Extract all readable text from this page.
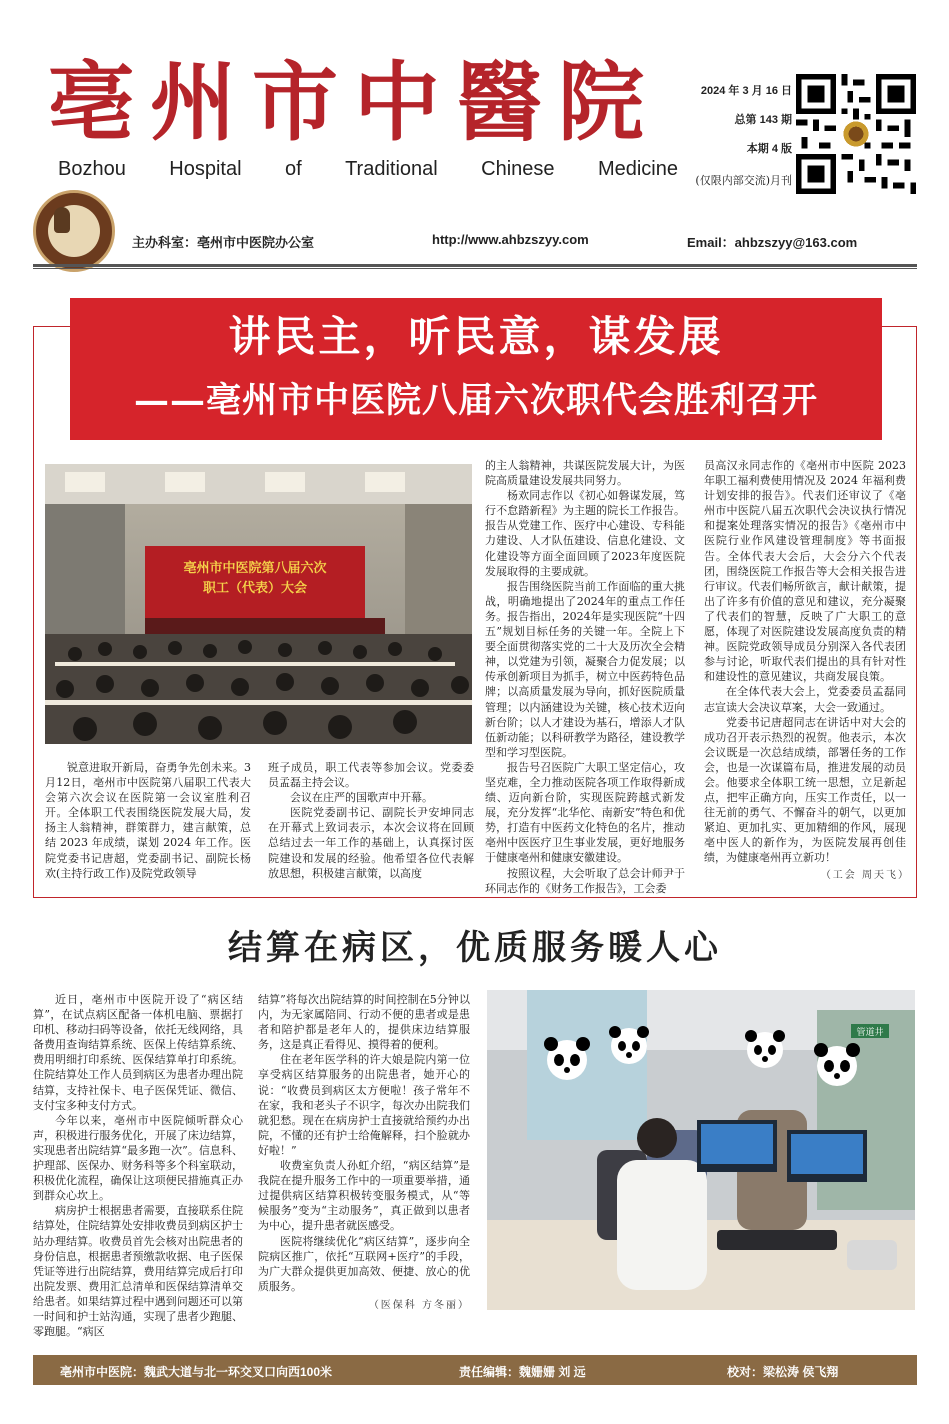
亳州市中醫院
Bozhou Hospital of Traditional Chinese Medicine
2024 年 3 月 16 日
总第 143 期
本期 4 版
(仅限内部交流)月刊
主办科室：亳州市中医院办公室	http://www.ahbzszyy.com	Email：ahbzszyy@163.com
讲民主，听民意，谋发展
——亳州市中医院八届六次职代会胜利召开
亳州市中医院第八届六次
职工（代表）大会

锐意进取开新局，奋勇争先创未来。3月12日，亳州市中医院第八届职工代表大会第六次会议在医院第一会议室胜利召开。全体职工代表围绕医院发展大局，发扬主人翁精神，群策群力，建言献策，总结 2023 年成绩，谋划 2024 年工作。医院党委书记唐超，党委副书记、副院长杨欢(主持行政工作)及院党政领导

班子成员，职工代表等参加会议。党委委员孟磊主持会议。

会议在庄严的国歌声中开幕。

医院党委副书记、副院长尹安坤同志在开幕式上致词表示，本次会议将在回顾总结过去一年工作的基础上，认真探讨医院建设和发展的经验。他希望各位代表解放思想，积极建言献策，以高度

的主人翁精神，共谋医院发展大计，为医院高质量建设发展共同努力。

杨欢同志作以《初心如磐谋发展，笃行不怠踏新程》为主题的院长工作报告。报告从党建工作、医疗中心建设、专科能力建设、人才队伍建设、信息化建设、文化建设等方面全面回顾了2023年度医院发展取得的主要成就。

报告围绕医院当前工作面临的重大挑战，明确地提出了2024年的重点工作任务。报告指出，2024年是实现医院“十四五”规划目标任务的关键一年。全院上下要全面贯彻落实党的二十大及历次全会精神，以党建为引领，凝聚合力促发展；以传承创新项目为抓手，树立中医药特色品牌；以高质量发展为导向，抓好医院质量管理；以内涵建设为关键，核心技术迈向新台阶；以人才建设为基石，增添人才队伍新动能；以科研教学为路径，建设教学型和学习型医院。

报告号召医院广大职工坚定信心，攻坚克难，全力推动医院各项工作取得新成绩、迈向新台阶，实现医院跨越式新发展，充分发挥“北华佗、南新安”特色和优势，打造有中医药文化特色的名片，推动亳州中医医疗卫生事业发展，更好地服务于健康亳州和健康安徽建设。

按照议程，大会听取了总会计师尹于环同志作的《财务工作报告》，工会委

员高汉永同志作的《亳州市中医院 2023 年职工福利费使用情况及 2024 年福利费计划安排的报告》。代表们还审议了《亳州市中医院八届五次职代会决议执行情况和提案处理落实情况的报告》《亳州市中医院行业作风建设管理制度》等书面报告。全体代表大会后，大会分六个代表团，围绕医院工作报告等大会相关报告进行审议。代表们畅所欲言，献计献策，提出了许多有价值的意见和建议，充分凝聚了代表们的智慧，反映了广大职工的意愿，体现了对医院建设发展高度负责的精神。医院党政领导成员分别深入各代表团参与讨论，听取代表们提出的具有针对性和建设性的意见建议，共商发展良策。

在全体代表大会上，党委委员孟磊同志宣读大会决议草案，大会一致通过。

党委书记唐超同志在讲话中对大会的成功召开表示热烈的祝贺。他表示，本次会议既是一次总结成绩，部署任务的工作会，也是一次谋篇布局，推进发展的动员会。他要求全体职工统一思想，立足新起点，把牢正确方向，压实工作责任，以一往无前的勇气、不懈奋斗的朝气，以更加紧迫、更加扎实、更加精细的作风，展现亳中医人的新作为，为医院发展再创佳绩，为健康亳州再立新功！

（工会 周天飞）
结算在病区，优质服务暖人心

近日，亳州市中医院开设了“病区结算”，在试点病区配备一体机电脑、票据打印机、移动扫码等设备，依托无线网络，具备费用查询结算系统、医保上传结算系统、费用明细打印系统、医保结算单打印系统。住院结算处工作人员到病区为患者办理出院结算，支持社保卡、电子医保凭证、微信、支付宝多种支付方式。

今年以来，亳州市中医院倾听群众心声，积极进行服务优化，开展了床边结算，实现患者出院结算“最多跑一次”。信息科、护理部、医保办、财务科等多个科室联动，积极优化流程，确保让这项便民措施真正办到群众心坎上。

病房护士根据患者需要，直接联系住院结算处，住院结算处安排收费员到病区护士站办理结算。收费员首先会核对出院患者的身份信息，根据患者预缴款收据、电子医保凭证等进行出院结算，费用结算完成后打印出院发票、费用汇总清单和医保结算清单交给患者。如果结算过程中遇到问题还可以第一时间和护士站沟通，实现了患者少跑腿、零跑腿。“病区

结算”将每次出院结算的时间控制在5分钟以内，为无家属陪同、行动不便的患者或是患者和陪护都是老年人的，提供床边结算服务，这是真正看得见、摸得着的便利。

住在老年医学科的许大娘是院内第一位享受病区结算服务的出院患者，她开心的说：“收费员到病区太方便啦！孩子常年不在家，我和老头子不识字，每次办出院我们就犯愁。现在在病房护士直接就给预约办出院，不懂的还有护士给俺解释，扫个脸就办好啦！”

收费室负责人孙虹介绍，“病区结算”是我院在提升服务工作中的一项重要举措，通过提供病区结算积极转变服务模式，从“等候服务”变为“主动服务”，真正做到以患者为中心，提升患者就医感受。

医院将继续优化“病区结算”，逐步向全院病区推广，依托“互联网+医疗”的手段，为广大群众提供更加高效、便捷、放心的优质服务。

（医保科 方冬丽）
管道井
亳州市中医院：魏武大道与北一环交叉口向西100米	责任编辑：魏姗姗 刘 远	校对：梁松涛 侯飞翔
